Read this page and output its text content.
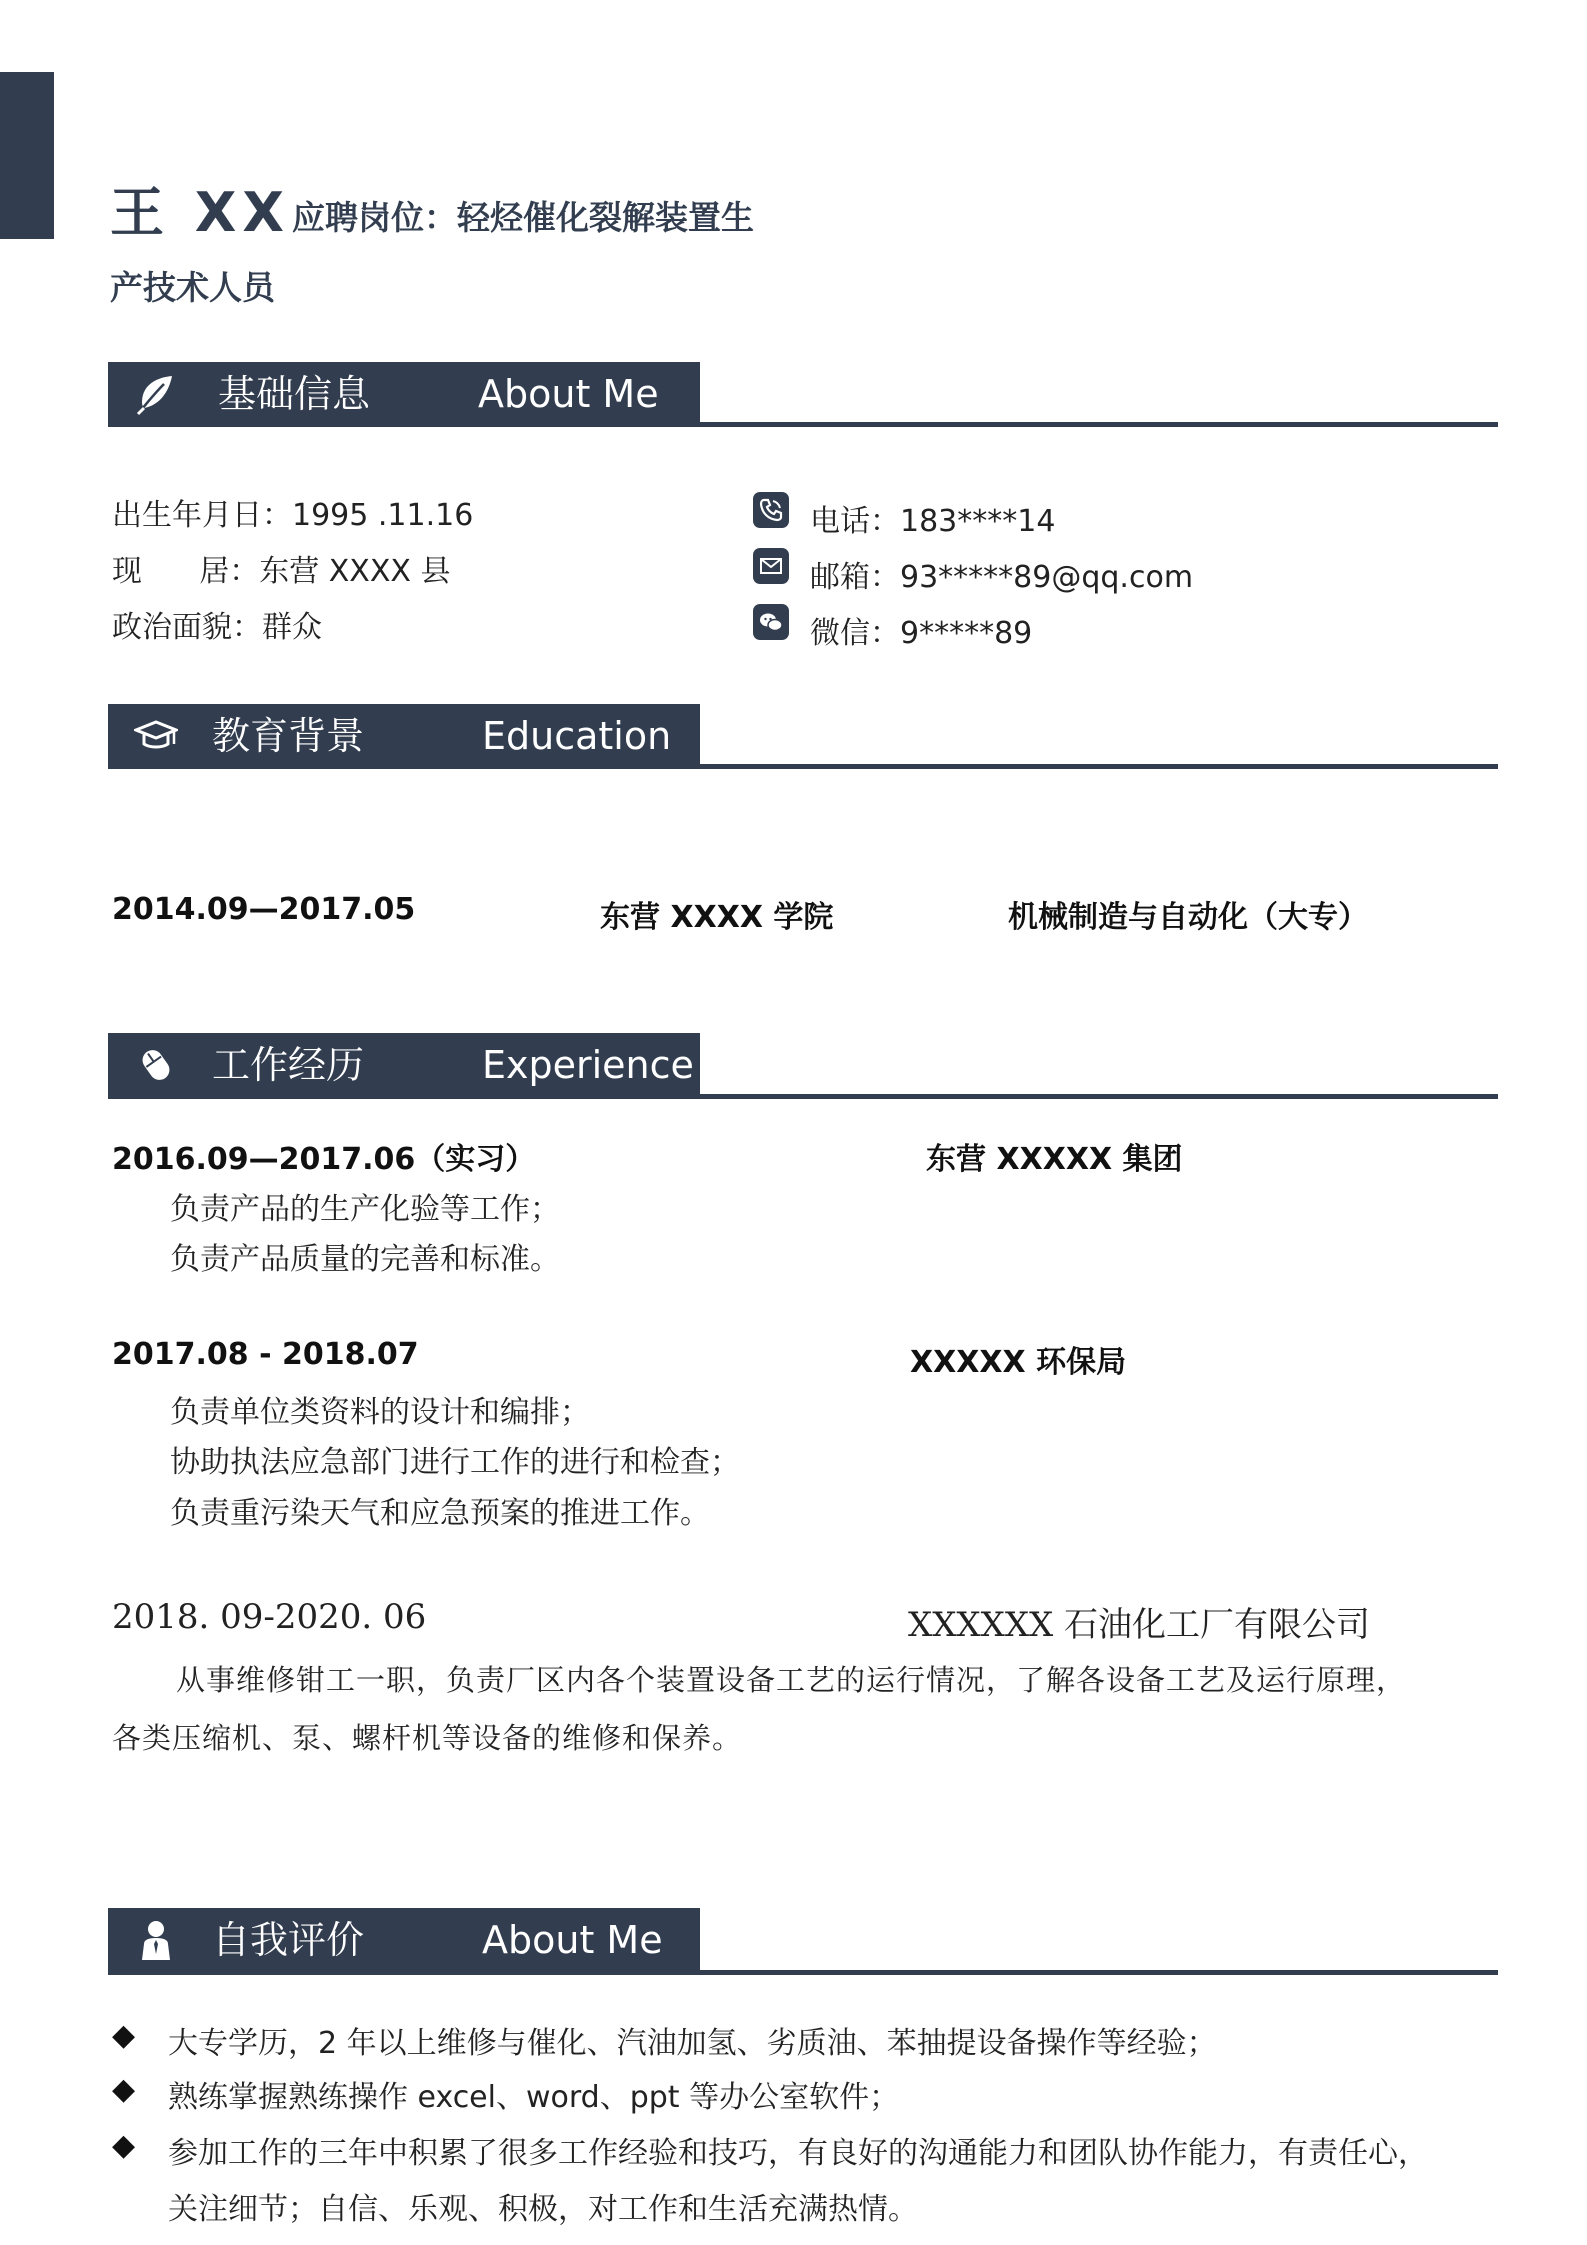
王 XX 应聘岗位：轻烃催化裂解装置生
产技术人员
基础信息	About Me
出生年月日：1995 .11.16
现      居：东营 XXXX 县
政治面貌：群众
电话：183****14
邮箱：93*****89@qq.com
微信：9*****89
教育背景	Education
2014.09—2017.05	东营 XXXX 学院	机械制造与自动化（大专）
工作经历	Experience
2016.09—2017.06（实习）	东营 XXXXX 集团
负责产品的生产化验等工作；
负责产品质量的完善和标准。
2017.08 - 2018.07	XXXXX 环保局
负责单位类资料的设计和编排；
协助执法应急部门进行工作的进行和检查；
负责重污染天气和应急预案的推进工作。
2018. 09-2020. 06	XXXXXX 石油化工厂有限公司
从事维修钳工一职，负责厂区内各个装置设备工艺的运行情况，了解各设备工艺及运行原理，
各类压缩机、泵、螺杆机等设备的维修和保养。
自我评价	About Me
◆ 大专学历，2 年以上维修与催化、汽油加氢、劣质油、苯抽提设备操作等经验；
◆ 熟练掌握熟练操作 excel、word、ppt 等办公室软件；
◆ 参加工作的三年中积累了很多工作经验和技巧，有良好的沟通能力和团队协作能力，有责任心，
关注细节；自信、乐观、积极，对工作和生活充满热情。
